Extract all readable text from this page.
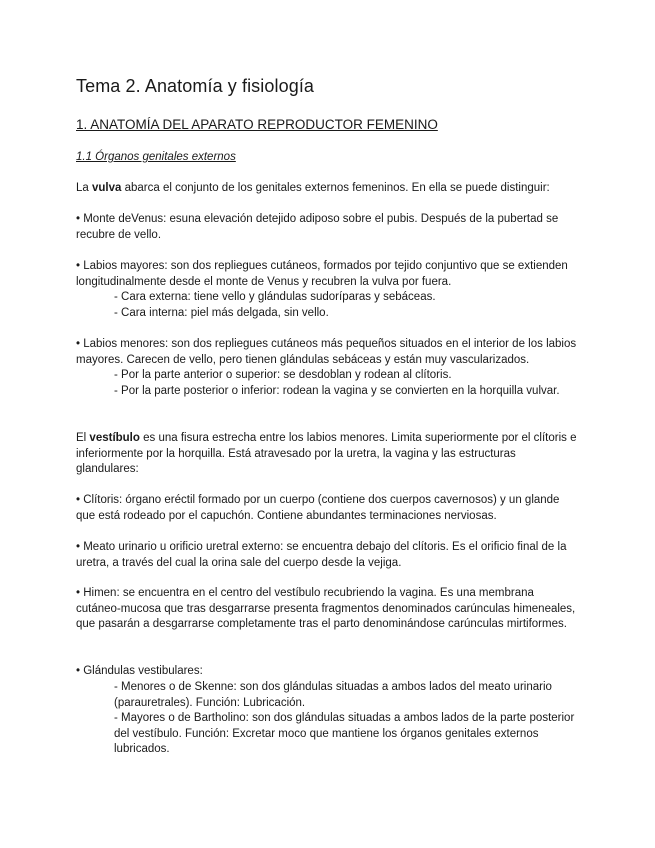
Tema 2. Anatomía y fisiología
1. ANATOMÍA DEL APARATO REPRODUCTOR FEMENINO
1.1 Órganos genitales externos

La vulva abarca el conjunto de los genitales externos femeninos. En ella se puede distinguir:

• Monte deVenus: esuna elevación detejido adiposo sobre el pubis. Después de la pubertad se recubre de vello.

• Labios mayores: son dos repliegues cutáneos, formados por tejido conjuntivo que se extienden longitudinalmente desde el monte de Venus y recubren la vulva por fuera.

- Cara externa: tiene vello y glándulas sudoríparas y sebáceas.

- Cara interna: piel más delgada, sin vello.

• Labios menores: son dos repliegues cutáneos más pequeños situados en el interior de los labios mayores. Carecen de vello, pero tienen glándulas sebáceas y están muy vascularizados.

- Por la parte anterior o superior: se desdoblan y rodean al clítoris.

- Por la parte posterior o inferior: rodean la vagina y se convierten en la horquilla vulvar.

El vestíbulo es una fisura estrecha entre los labios menores. Limita superiormente por el clítoris e inferiormente por la horquilla. Está atravesado por la uretra, la vagina y las estructuras glandulares:

• Clítoris: órgano eréctil formado por un cuerpo (contiene dos cuerpos cavernosos) y un glande que está rodeado por el capuchón. Contiene abundantes terminaciones nerviosas.

• Meato urinario u orificio uretral externo: se encuentra debajo del clítoris. Es el orificio final de la uretra, a través del cual la orina sale del cuerpo desde la vejiga.

• Himen: se encuentra en el centro del vestíbulo recubriendo la vagina. Es una membrana cutáneo-mucosa que tras desgarrarse presenta fragmentos denominados carúnculas himeneales, que pasarán a desgarrarse completamente tras el parto denominándose carúnculas mirtiformes.

• Glándulas vestibulares:

- Menores o de Skenne: son dos glándulas situadas a ambos lados del meato urinario (parauretrales). Función: Lubricación.

- Mayores o de Bartholino: son dos glándulas situadas a ambos lados de la parte posterior del vestíbulo. Función: Excretar moco que mantiene los órganos genitales externos lubricados.
